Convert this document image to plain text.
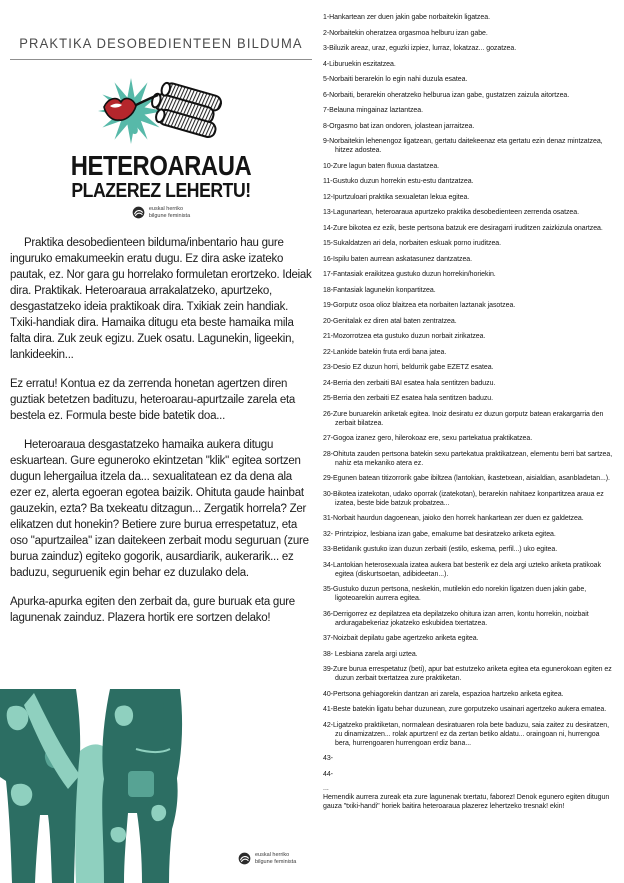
PRAKTIKA DESOBEDIENTEEN BILDUMA
HETEROARAUA
PLAZEREZ LEHERTU!
euskal herriko
bilgune feminista

Praktika desobedienteen bilduma/inbentario hau gure inguruko emakumeekin eratu dugu. Ez dira aske izateko pautak, ez. Nor gara gu horrelako formuletan erortzeko. Ideiak dira. Praktikak. Heteroaraua arrakalatzeko, apurtzeko, desgastatzeko ideia praktikoak dira. Txikiak zein handiak. Txiki-handiak dira. Hamaika ditugu eta beste hamaika mila falta dira. Zuk zeuk egizu. Zuek osatu. Lagunekin, ligeekin, lankideekin...

Ez erratu! Kontua ez da zerrenda honetan agertzen diren guztiak betetzen badituzu, heteroarau-apurtzaile zarela eta bestela ez. Formula beste bide batetik doa...

Heteroaraua desgastatzeko hamaika aukera ditugu eskuartean. Gure eguneroko ekintzetan "klik" egitea sortzen dugun lehergailua itzela da... sexualitatean ez da dena ala ezer ez, alerta egoeran egotea baizik. Ohituta gaude hainbat gauzekin, ezta? Ba txekeatu ditzagun... Zergatik horrela? Zer elikatzen dut honekin? Betiere zure burua errespetatuz, eta oso "apurtzailea" izan daitekeen zerbait modu seguruan (zure burua zainduz) egiteko gogorik, ausardiarik, aukerarik... ez baduzu, seguruenik egin behar ez duzulako dela.

Apurka-apurka egiten den zerbait da, gure buruak eta gure lagunenak zainduz. Plazera hortik ere sortzen delako!

euskal herriko
bilgune feminista
1-Hankartean zer duen jakin gabe norbaitekin ligatzea.
2-Norbaitekin oheratzea orgasmoa helburu izan gabe.
3-Biluzik areaz, uraz, eguzki izpiez, lurraz, lokatzaz... gozatzea.
4-Liburuekin eszitatzea.
5-Norbaiti berarekin lo egin nahi duzula esatea.
6-Norbaiti, berarekin oheratzeko helburua izan gabe, gustatzen zaizula aitortzea.
7-Belauna mingainaz laztantzea.
8-Orgasmo bat izan ondoren, jolastean jarraitzea.
9-Norbaitekin lehenengoz ligatzean, gertatu daitekeenaz eta gertatu ezin denaz mintzatzea, hitzez adostea.
10-Zure lagun baten fluxua dastatzea.
11-Gustuko duzun horrekin estu-estu dantzatzea.
12-Ipurtzuloari praktika sexualetan lekua egitea.
13-Lagunartean, heteroaraua apurtzeko praktika desobedienteen zerrenda osatzea.
14-Zure bikotea ez ezik, beste pertsona batzuk ere desiragarri iruditzen zaizkizula onartzea.
15-Sukaldatzen ari dela, norbaiten eskuak porno iruditzea.
16-Ispilu baten aurrean askatasunez dantzatzea.
17-Fantasiak eraikitzea gustuko duzun horrekin/horiekin.
18-Fantasiak lagunekin konpartitzea.
19-Gorputz osoa olioz blaitzea eta norbaiten laztanak jasotzea.
20-Genitalak ez diren atal baten zentratzea.
21-Mozorrotzea eta gustuko duzun norbait zirikatzea.
22-Lankide batekin fruta erdi bana jatea.
23-Desio EZ duzun horri, beldurrik gabe EZETZ esatea.
24-Berria den zerbaiti BAI esatea hala sentitzen baduzu.
25-Berria den zerbaiti EZ esatea hala sentitzen baduzu.
26-Zure buruarekin ariketak egitea. Inoiz desiratu ez duzun gorputz batean erakargarria den zerbait bilatzea.
27-Gogoa izanez gero, hilerokoaz ere, sexu partekatua praktikatzea.
28-Ohituta zauden pertsona batekin sexu partekatua praktikatzean, elementu berri bat sartzea, nahiz eta mekaniko atera ez.
29-Egunen batean titizorrorik gabe ibiltzea (lantokian, ikastetxean, aisialdian, asanbladetan...).
30-Bikotea izatekotan, udako oporrak (izatekotan), berarekin nahitaez konpartitzea araua ez izatea, beste bide batzuk probatzea...
31-Norbait haurdun dagoenean, jaioko den horrek hankartean zer duen ez galdetzea.
32- Printzipioz, lesbiana izan gabe, emakume bat desiratzeko ariketa egitea.
33-Betidanik gustuko izan duzun zerbaiti (estilo, eskema, perfil...) uko egitea.
34-Lantokian heterosexuala izatea aukera bat besterik ez dela argi uzteko ariketa pratikoak egitea (diskurtsoetan, adibideetan...).
35-Gustuko duzun pertsona, neskekin, mutilekin edo norekin ligatzen duen jakin gabe, ligoteoarekin aurrera egitea.
36-Derrigorrez ez depilatzea eta depilatzeko ohitura izan arren, kontu horrekin, noizbait arduragabekeriaz jokatzeko eskubidea txertatzea.
37-Noizbait depilatu gabe agertzeko ariketa egitea.
38- Lesbiana zarela argi uztea.
39-Zure burua errespetatuz (beti), apur bat estutzeko ariketa egitea eta egunerokoan egiten ez duzun zerbait txertatzea zure praktiketan.
40-Pertsona gehiagorekin dantzan ari zarela, espazioa hartzeko ariketa egitea.
41-Beste batekin ligatu behar duzunean, zure gorputzeko usainari agertzeko aukera ematea.
42-Ligatzeko praktiketan, normalean desiratuaren rola bete baduzu, saia zaitez zu desiratzen, zu dinamizatzen... rolak apurtzen! ez da zertan betiko aldatu... oraingoan ni, hurrengoa bera, hurrengoaren hurrengoan erdiz bana...
43-
44-

...

Hemendik aurrera zureak eta zure lagunenak txertatu, faborez! Denok egunero egiten ditugun gauza "txiki-handi" horiek baitira heteroaraua plazerez lehertzeko tresnak! ekin!
